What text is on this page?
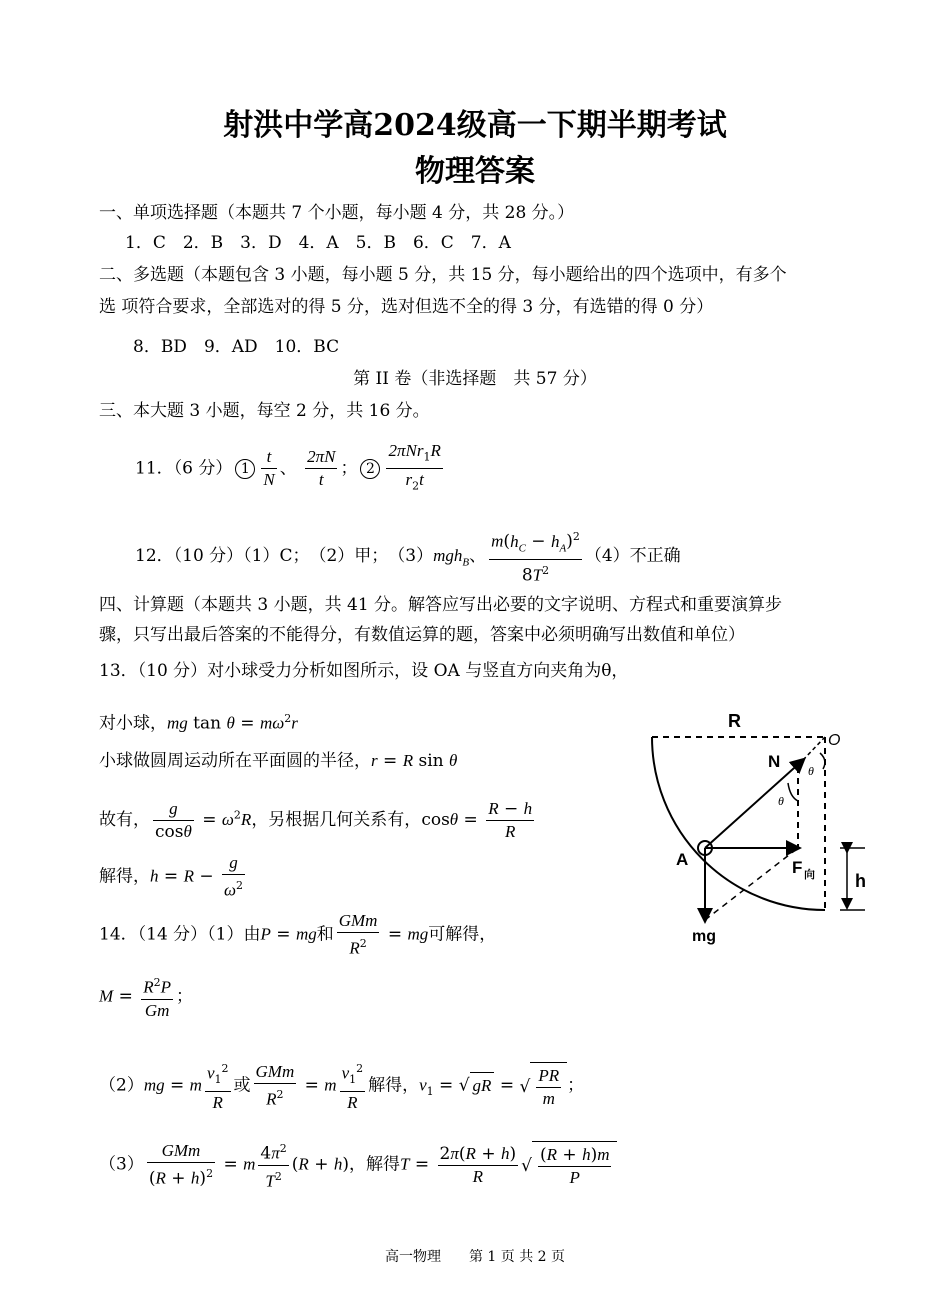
射洪中学高2024级高一下期半期考试
物理答案
一、单项选择题（本题共 7 个小题，每小题 4 分，共 28 分。）
1．C　2．B　3．D　4．A　5．B　6．C　7．A
二、多选题（本题包含 3 小题，每小题 5 分，共 15 分，每小题给出的四个选项中，有多个
选 项符合要求，全部选对的得 5 分，选对但选不全的得 3 分，有选错的得 0 分）
8．BD　9．AD　10．BC
第 II 卷（非选择题　共 57 分）
三、本大题 3 小题，每空 2 分，共 16 分。
11．（6 分） $1 \frac{t}{N}$ 、 $\frac{2\pi N}{t}$ ； $2 \frac{2\pi Nr_1R}{r_2t}$
12．（10 分）（1）C；　（2）甲；　（3）mgh$_B$、 $\frac{m(h_C - h_A)^2}{8T^2} (4)$不正确
四、计算题（本题共 3 小题，共 41 分。解答应写出必要的文字说明、方程式和重要演算步
骤，只写出最后答案的不能得分，有数值运算的题，答案中必须明确写出数值和单位）
13．（10 分）对小球受力分析如图所示，设 OA 与竖直方向夹角为θ，
对小球，mg $\tan \theta = m\omega^2r$
小球做圆周运动所在平面圆的半径，r = R sin θ
故有， $\frac{g}{\cos\theta} = \omega^2R$，另根据几何关系有，$\cos\theta = \frac{R - h}{R}$
解得，$h = R - \frac{g}{\omega^2}$
14．（14 分）（1）由P = mg和 $\frac{\text{GMm}}{R^2}$ = mg可解得，
$M = \frac{R^2P}{Gm}$ ；
（2）mg = m $\frac{v_1^2}{R}$ 或 $\frac{\text{GMm}}{R^2} = m \frac{v_1^2}{R}$ 解得，$v_1$ = √ gR = √ $\frac{PR}{m}$ ；
$(3) \frac{\text{GMm}}{(R + h)^2} = m \frac{4\pi^2}{T^2} (R + h)$，解得$T = \frac{2\pi(R + h)}{R}$ √ $\frac{(R + h)m}{P}$
R
O
N θ
θ
A	F 向 h
mg
高一物理　　第 1 页 共 2 页
